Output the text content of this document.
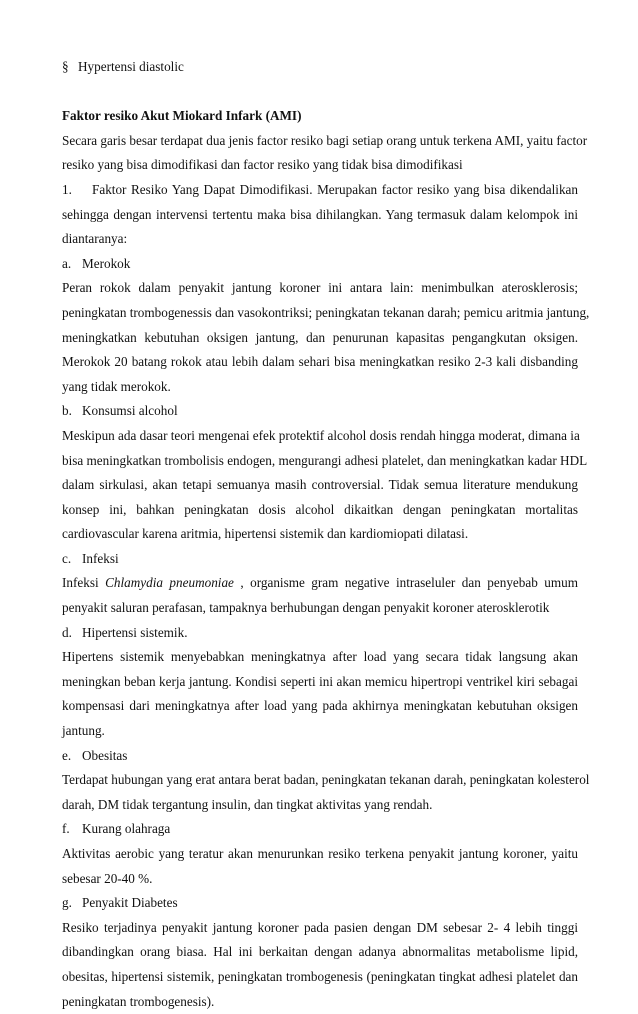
§ Hypertensi diastolic
Faktor resiko Akut Miokard Infark (AMI)
Secara garis besar terdapat dua jenis factor resiko bagi setiap orang untuk terkena AMI, yaitu factor
resiko yang bisa dimodifikasi dan factor resiko yang tidak bisa dimodifikasi
1. Faktor Resiko Yang Dapat Dimodifikasi. Merupakan factor resiko yang bisa dikendalikan
sehingga dengan intervensi tertentu maka bisa dihilangkan. Yang termasuk dalam kelompok ini
diantaranya:
a. Merokok
Peran rokok dalam penyakit jantung koroner ini antara lain: menimbulkan aterosklerosis;
peningkatan trombogenessis dan vasokontriksi; peningkatan tekanan darah; pemicu aritmia jantung,
meningkatkan kebutuhan oksigen jantung, dan penurunan kapasitas pengangkutan oksigen.
Merokok 20 batang rokok atau lebih dalam sehari bisa meningkatkan resiko 2-3 kali disbanding
yang tidak merokok.
b. Konsumsi alcohol
Meskipun ada dasar teori mengenai efek protektif alcohol dosis rendah hingga moderat, dimana ia
bisa meningkatkan trombolisis endogen, mengurangi adhesi platelet, dan meningkatkan kadar HDL
dalam sirkulasi, akan tetapi semuanya masih controversial. Tidak semua literature mendukung
konsep ini, bahkan peningkatan dosis alcohol dikaitkan dengan peningkatan mortalitas
cardiovascular karena aritmia, hipertensi sistemik dan kardiomiopati dilatasi.
c. Infeksi
Infeksi Chlamydia pneumoniae , organisme gram negative intraseluler dan penyebab umum
penyakit saluran perafasan, tampaknya berhubungan dengan penyakit koroner aterosklerotik
d. Hipertensi sistemik.
Hipertens sistemik menyebabkan meningkatnya after load yang secara tidak langsung akan
meningkan beban kerja jantung. Kondisi seperti ini akan memicu hipertropi ventrikel kiri sebagai
kompensasi dari meningkatnya after load yang pada akhirnya meningkatan kebutuhan oksigen
jantung.
e. Obesitas
Terdapat hubungan yang erat antara berat badan, peningkatan tekanan darah, peningkatan kolesterol
darah, DM tidak tergantung insulin, dan tingkat aktivitas yang rendah.
f. Kurang olahraga
Aktivitas aerobic yang teratur akan menurunkan resiko terkena penyakit jantung koroner, yaitu
sebesar 20-40 %.
g. Penyakit Diabetes
Resiko terjadinya penyakit jantung koroner pada pasien dengan DM sebesar 2- 4 lebih tinggi
dibandingkan orang biasa. Hal ini berkaitan dengan adanya abnormalitas metabolisme lipid,
obesitas, hipertensi sistemik, peningkatan trombogenesis (peningkatan tingkat adhesi platelet dan
peningkatan trombogenesis).
